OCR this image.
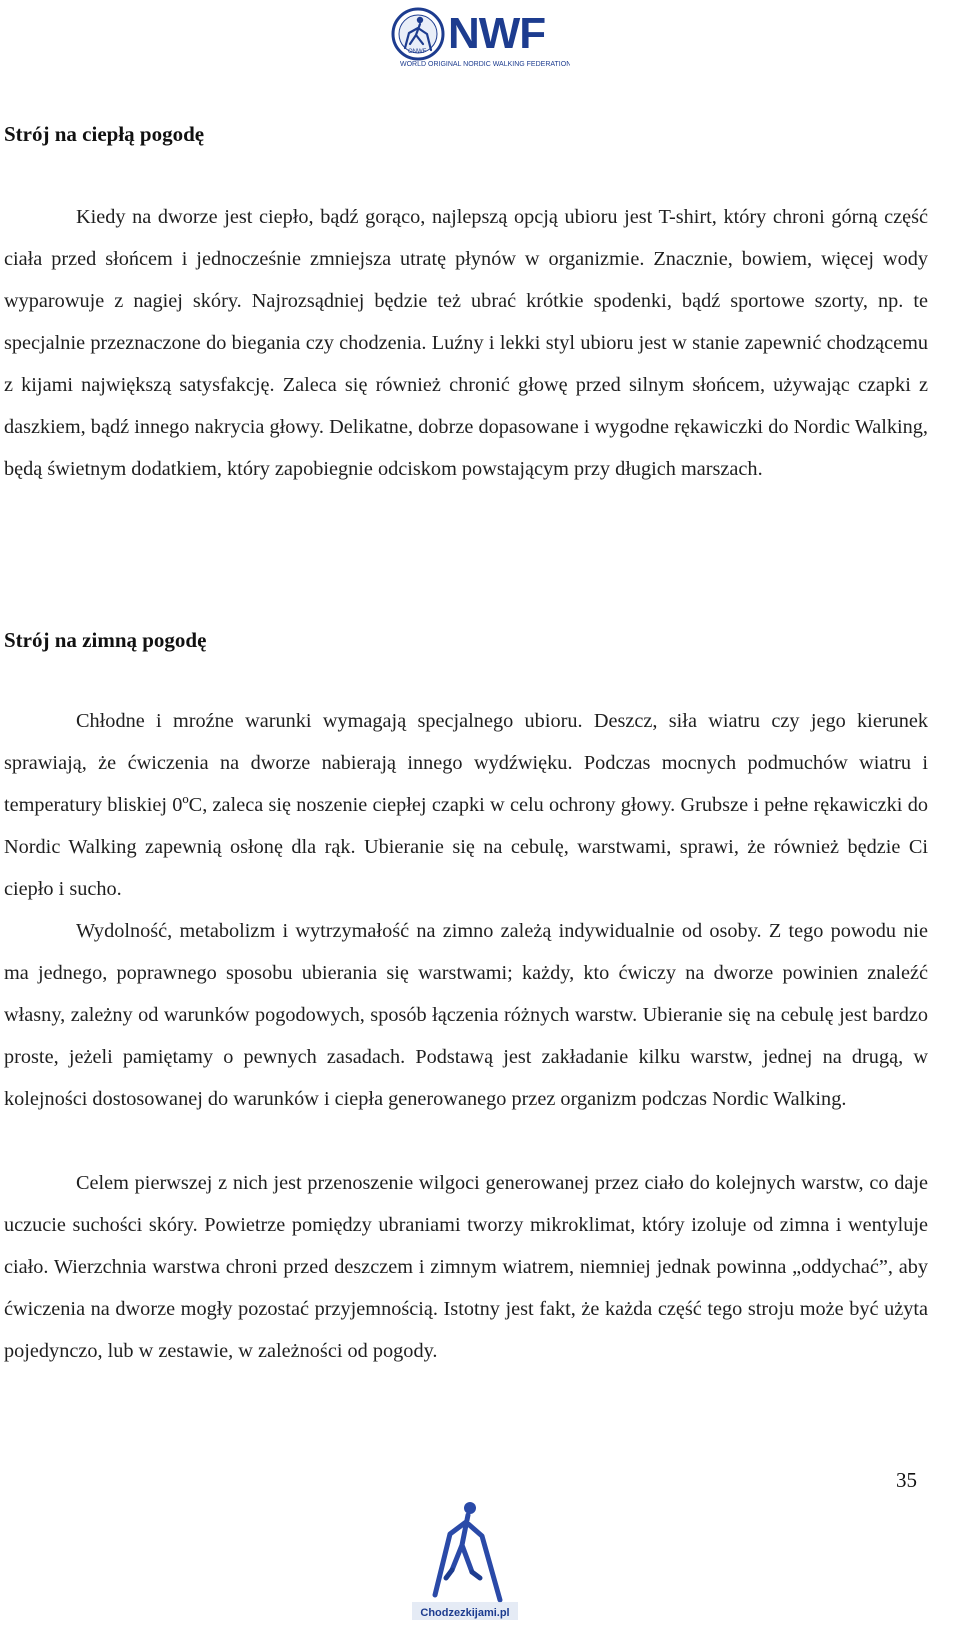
ONWF NWF
WORLD ORIGINAL NORDIC WALKING FEDERATION
Strój na ciepłą pogodę

Kiedy na dworze jest ciepło, bądź gorąco, najlepszą opcją ubioru jest T-shirt, który chroni górną część ciała przed słońcem i jednocześnie zmniejsza utratę płynów w organizmie. Znacznie, bowiem, więcej wody wyparowuje z nagiej skóry. Najrozsądniej będzie też ubrać krótkie spodenki, bądź sportowe szorty, np. te specjalnie przeznaczone do biegania czy chodzenia. Luźny i lekki styl ubioru jest w stanie zapewnić chodzącemu z kijami największą satysfakcję. Zaleca się również chronić głowę przed silnym słońcem, używając czapki z daszkiem, bądź innego nakrycia głowy. Delikatne, dobrze dopasowane i wygodne rękawiczki do Nordic Walking, będą świetnym dodatkiem, który zapobiegnie odciskom powstającym przy długich marszach.

Strój na zimną pogodę

Chłodne i mroźne warunki wymagają specjalnego ubioru. Deszcz, siła wiatru czy jego kierunek sprawiają, że ćwiczenia na dworze nabierają innego wydźwięku. Podczas mocnych podmuchów wiatru i temperatury bliskiej 0ºC, zaleca się noszenie ciepłej czapki w celu ochrony głowy. Grubsze i pełne rękawiczki do Nordic Walking zapewnią osłonę dla rąk. Ubieranie się na cebulę, warstwami, sprawi, że również będzie Ci ciepło i sucho.

Wydolność, metabolizm i wytrzymałość na zimno zależą indywidualnie od osoby. Z tego powodu nie ma jednego, poprawnego sposobu ubierania się warstwami; każdy, kto ćwiczy na dworze powinien znaleźć własny, zależny od warunków pogodowych, sposób łączenia różnych warstw. Ubieranie się na cebulę jest bardzo proste, jeżeli pamiętamy o pewnych zasadach. Podstawą jest zakładanie kilku warstw, jednej na drugą, w kolejności dostosowanej do warunków i ciepła generowanego przez organizm podczas Nordic Walking.

Celem pierwszej z nich jest przenoszenie wilgoci generowanej przez ciało do kolejnych warstw, co daje uczucie suchości skóry. Powietrze pomiędzy ubraniami tworzy mikroklimat, który izoluje od zimna i wentyluje ciało. Wierzchnia warstwa chroni przed deszczem i zimnym wiatrem, niemniej jednak powinna „oddychać”, aby ćwiczenia na dworze mogły pozostać przyjemnością. Istotny jest fakt, że każda część tego stroju może być użyta pojedynczo, lub w zestawie, w zależności od pogody.

35
Chodzezkijami.pl
